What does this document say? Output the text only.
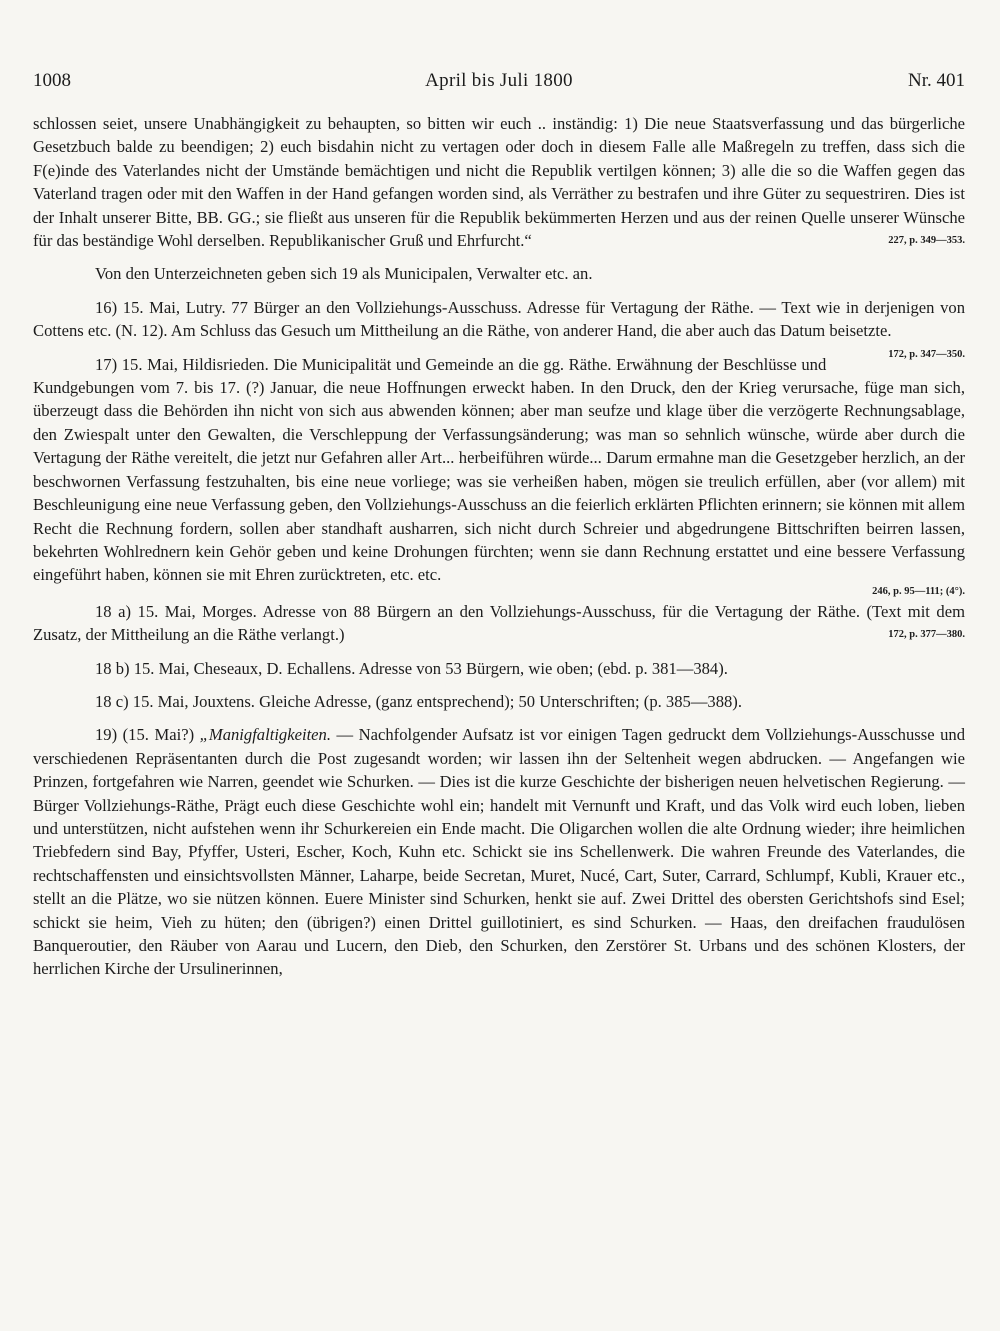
1008	April bis Juli 1800	Nr. 401

schlossen seiet, unsere Unabhängigkeit zu behaupten, so bitten wir euch .. inständig: 1) Die neue Staatsverfassung und das bürgerliche Gesetzbuch balde zu beendigen; 2) euch bisdahin nicht zu vertagen oder doch in diesem Falle alle Maßregeln zu treffen, dass sich die F(e)inde des Vaterlandes nicht der Umstände bemächtigen und nicht die Republik vertilgen können; 3) alle die so die Waffen gegen das Vaterland tragen oder mit den Waffen in der Hand gefangen worden sind, als Verräther zu bestrafen und ihre Güter zu sequestriren. Dies ist der Inhalt unserer Bitte, BB. GG.; sie fließt aus unseren für die Republik bekümmerten Herzen und aus der reinen Quelle unserer Wünsche für das beständige Wohl derselben. Republikanischer Gruß und Ehrfurcht.“	227, p. 349—353.

Von den Unterzeichneten geben sich 19 als Municipalen, Verwalter etc. an.

16) 15. Mai, Lutry. 77 Bürger an den Vollziehungs-Ausschuss. Adresse für Vertagung der Räthe. — Text wie in derjenigen von Cottens etc. (N. 12). Am Schluss das Gesuch um Mittheilung an die Räthe, von anderer Hand, die aber auch das Datum beisetzte.
172, p. 347—350.

17) 15. Mai, Hildisrieden. Die Municipalität und Gemeinde an die gg. Räthe. Erwähnung der Beschlüsse und Kundgebungen vom 7. bis 17. (?) Januar, die neue Hoffnungen erweckt haben. In den Druck, den der Krieg verursache, füge man sich, überzeugt dass die Behörden ihn nicht von sich aus abwenden können; aber man seufze und klage über die verzögerte Rechnungsablage, den Zwiespalt unter den Gewalten, die Verschleppung der Verfassungsänderung; was man so sehnlich wünsche, würde aber durch die Vertagung der Räthe vereitelt, die jetzt nur Gefahren aller Art... herbeiführen würde... Darum ermahne man die Gesetzgeber herzlich, an der beschwornen Verfassung festzuhalten, bis eine neue vorliege; was sie verheißen haben, mögen sie treulich erfüllen, aber (vor allem) mit Beschleunigung eine neue Verfassung geben, den Vollziehungs-Ausschuss an die feierlich erklärten Pflichten erinnern; sie können mit allem Recht die Rechnung fordern, sollen aber standhaft ausharren, sich nicht durch Schreier und abgedrungene Bittschriften beirren lassen, bekehrten Wohlrednern kein Gehör geben und keine Drohungen fürchten; wenn sie dann Rechnung erstattet und eine bessere Verfassung eingeführt haben, können sie mit Ehren zurücktreten, etc. etc.

246, p. 95—111; (4°).

18 a) 15. Mai, Morges. Adresse von 88 Bürgern an den Vollziehungs-Ausschuss, für die Vertagung der Räthe. (Text mit dem Zusatz, der Mittheilung an die Räthe verlangt.)	172, p. 377—380.

18 b) 15. Mai, Cheseaux, D. Echallens. Adresse von 53 Bürgern, wie oben; (ebd. p. 381—384).

18 c) 15. Mai, Jouxtens. Gleiche Adresse, (ganz entsprechend); 50 Unterschriften; (p. 385—388).

19) (15. Mai?) „Manigfaltigkeiten. — Nachfolgender Aufsatz ist vor einigen Tagen gedruckt dem Vollziehungs-Ausschusse und verschiedenen Repräsentanten durch die Post zugesandt worden; wir lassen ihn der Seltenheit wegen abdrucken. — Angefangen wie Prinzen, fortgefahren wie Narren, geendet wie Schurken. — Dies ist die kurze Geschichte der bisherigen neuen helvetischen Regierung. — Bürger Vollziehungs-Räthe, Prägt euch diese Geschichte wohl ein; handelt mit Vernunft und Kraft, und das Volk wird euch loben, lieben und unterstützen, nicht aufstehen wenn ihr Schurkereien ein Ende macht. Die Oligarchen wollen die alte Ordnung wieder; ihre heimlichen Triebfedern sind Bay, Pfyffer, Usteri, Escher, Koch, Kuhn etc. Schickt sie ins Schellenwerk. Die wahren Freunde des Vaterlandes, die rechtschaffensten und einsichtsvollsten Männer, Laharpe, beide Secretan, Muret, Nucé, Cart, Suter, Carrard, Schlumpf, Kubli, Krauer etc., stellt an die Plätze, wo sie nützen können. Euere Minister sind Schurken, henkt sie auf. Zwei Drittel des obersten Gerichtshofs sind Esel; schickt sie heim, Vieh zu hüten; den (übrigen?) einen Drittel guillotiniert, es sind Schurken. — Haas, den dreifachen fraudulösen Banqueroutier, den Räuber von Aarau und Lucern, den Dieb, den Schurken, den Zerstörer St. Urbans und des schönen Klosters, der herrlichen Kirche der Ursulinerinnen,
